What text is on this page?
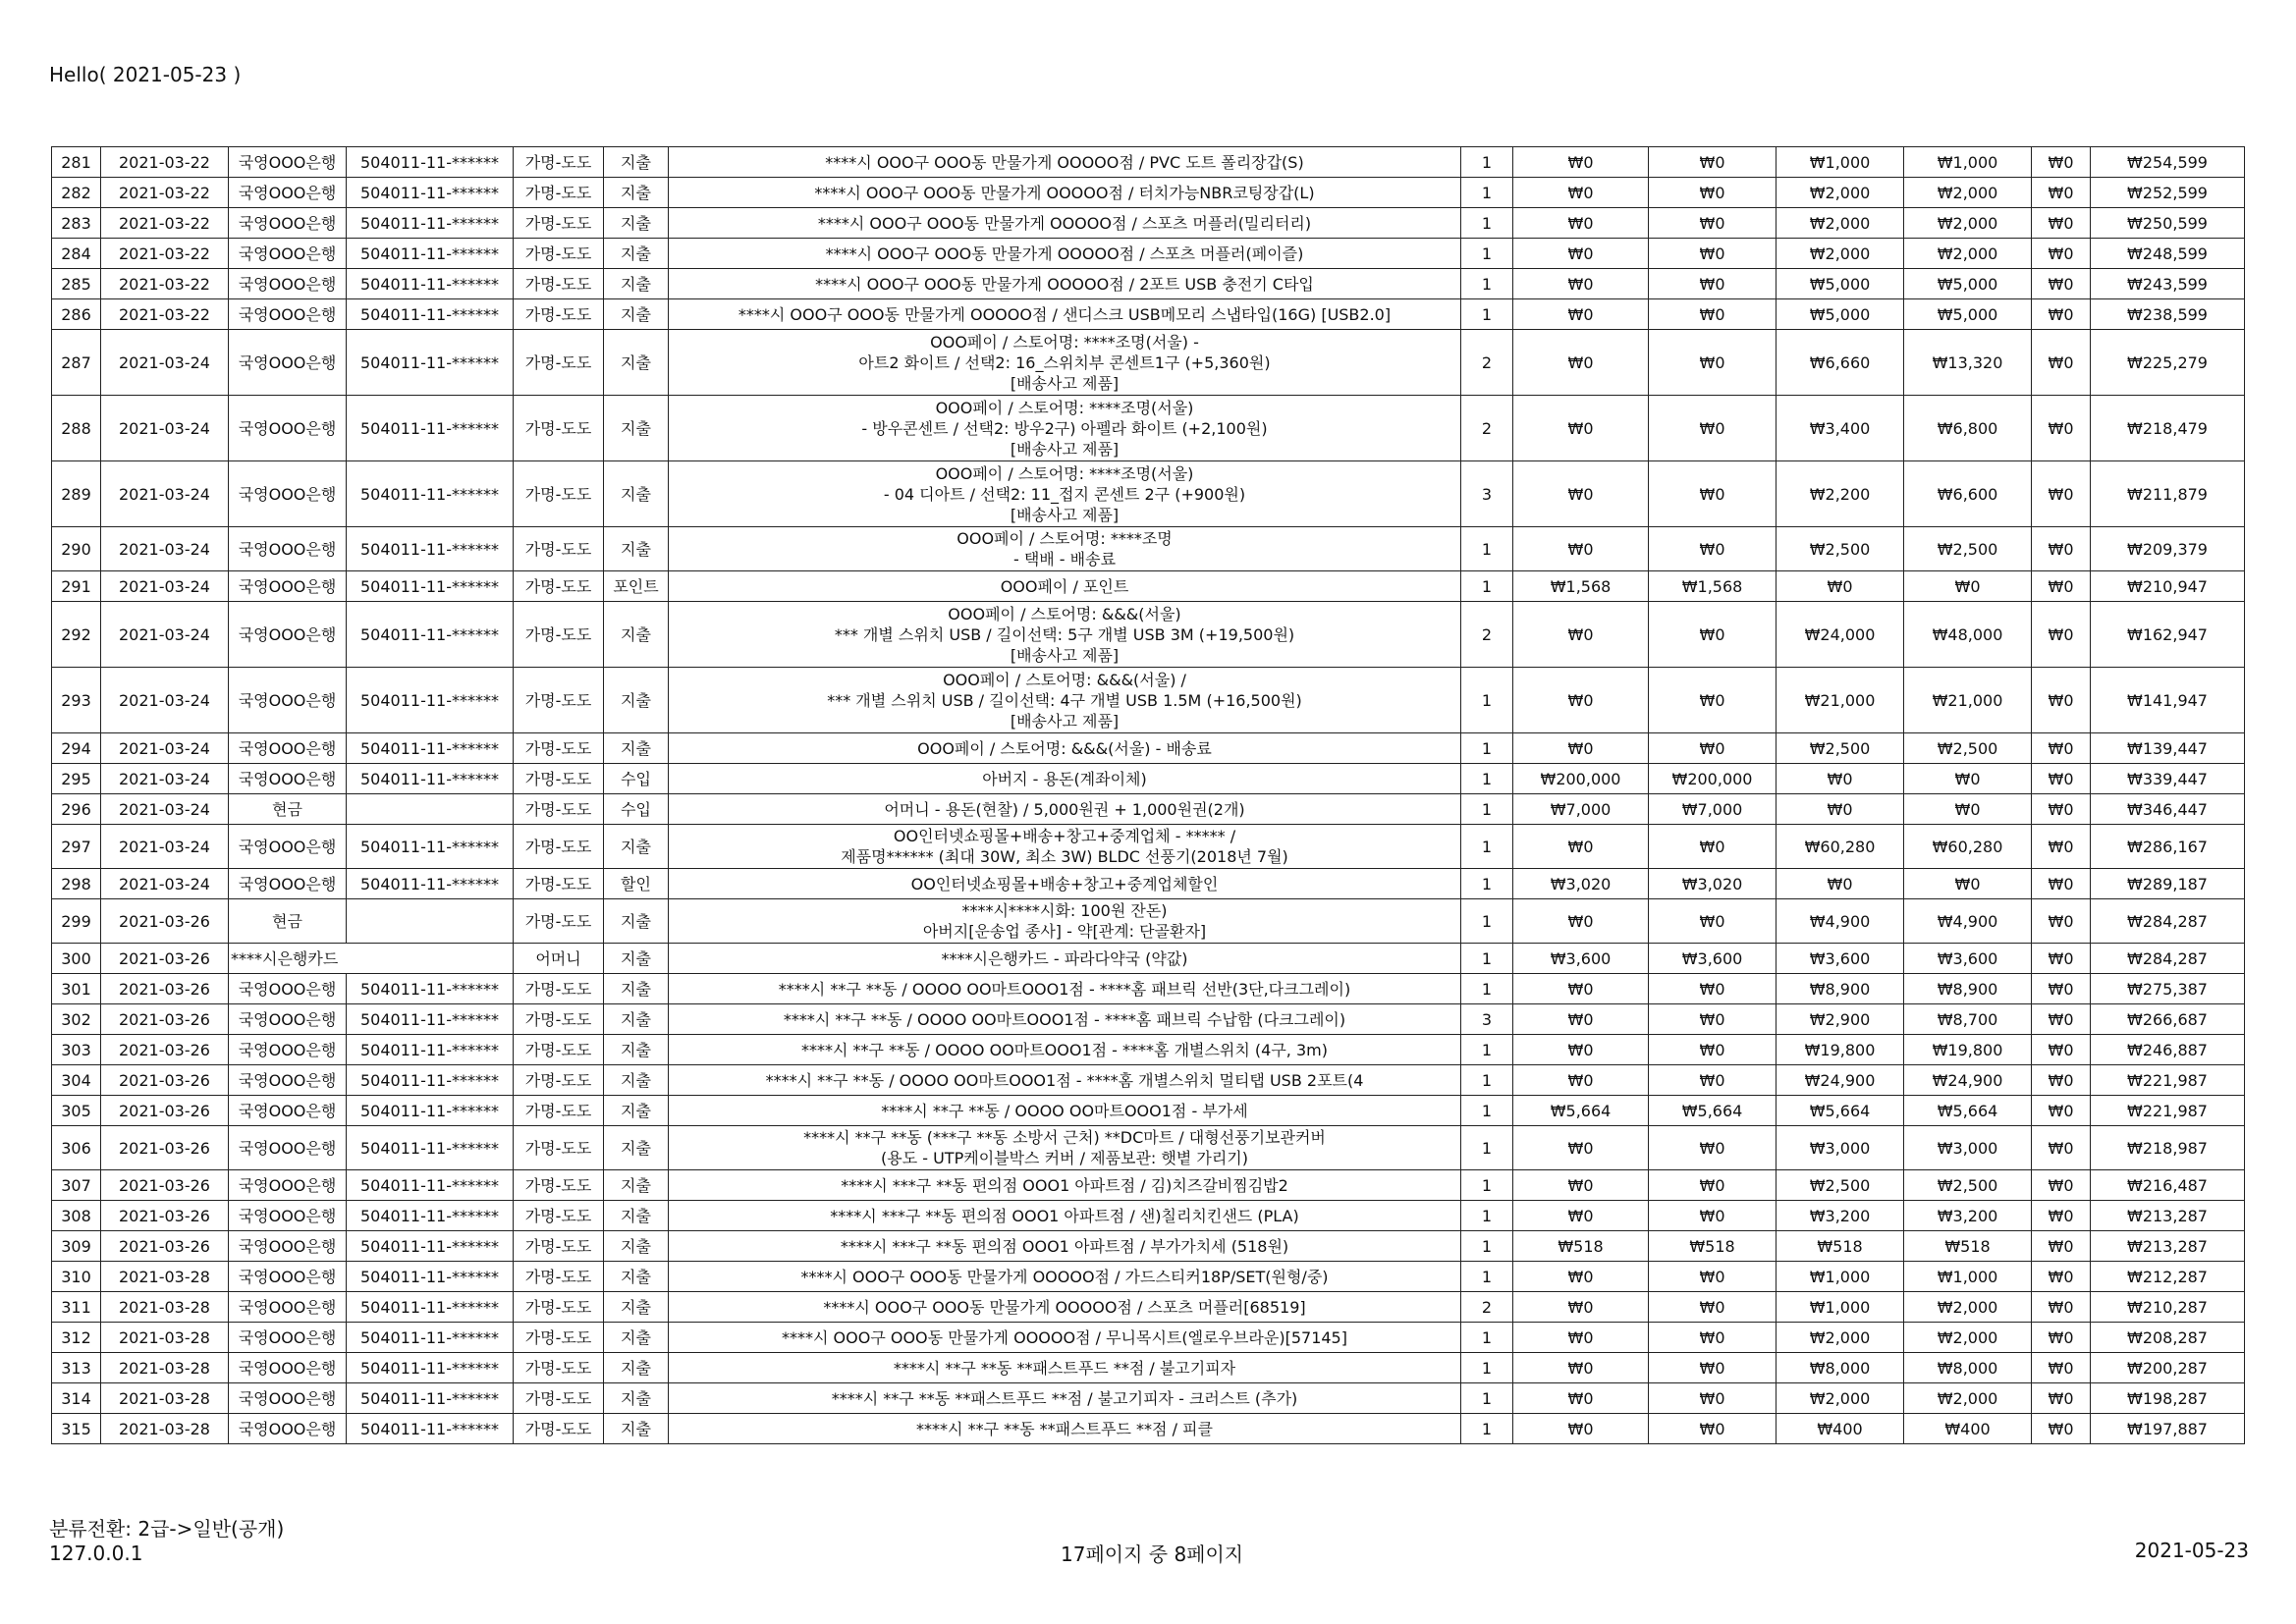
Hello( 2021-05-23 )
281	2021-03-22	국영OOO은행	504011-11-******	가명-도도	지출	****시 OOO구 OOO동 만물가게 OOOOO점 / PVC 도트 폴리장갑(S)	1	₩0	₩0	₩1,000	₩1,000	₩0	₩254,599
282	2021-03-22	국영OOO은행	504011-11-******	가명-도도	지출	****시 OOO구 OOO동 만물가게 OOOOO점 / 터치가능NBR코팅장갑(L)	1	₩0	₩0	₩2,000	₩2,000	₩0	₩252,599
283	2021-03-22	국영OOO은행	504011-11-******	가명-도도	지출	****시 OOO구 OOO동 만물가게 OOOOO점 / 스포츠 머플러(밀리터리)	1	₩0	₩0	₩2,000	₩2,000	₩0	₩250,599
284	2021-03-22	국영OOO은행	504011-11-******	가명-도도	지출	****시 OOO구 OOO동 만물가게 OOOOO점 / 스포츠 머플러(페이즐)	1	₩0	₩0	₩2,000	₩2,000	₩0	₩248,599
285	2021-03-22	국영OOO은행	504011-11-******	가명-도도	지출	****시 OOO구 OOO동 만물가게 OOOOO점 / 2포트 USB 충전기 C타입	1	₩0	₩0	₩5,000	₩5,000	₩0	₩243,599
286	2021-03-22	국영OOO은행	504011-11-******	가명-도도	지출	****시 OOO구 OOO동 만물가게 OOOOO점 / 샌디스크 USB메모리 스냅타입(16G) [USB2.0]	1	₩0	₩0	₩5,000	₩5,000	₩0	₩238,599
287	2021-03-24	국영OOO은행	504011-11-******	가명-도도	지출	OOO페이 / 스토어명: ****조명(서울) -
아트2 화이트 / 선택2: 16_스위치부 콘센트1구 (+5,360원)
[배송사고 제품]	2	₩0	₩0	₩6,660	₩13,320	₩0	₩225,279
288	2021-03-24	국영OOO은행	504011-11-******	가명-도도	지출	OOO페이 / 스토어명: ****조명(서울)
- 방우콘센트 / 선택2: 방우2구) 아펠라 화이트 (+2,100원)
[배송사고 제품]	2	₩0	₩0	₩3,400	₩6,800	₩0	₩218,479
289	2021-03-24	국영OOO은행	504011-11-******	가명-도도	지출	OOO페이 / 스토어명: ****조명(서울)
- 04 디아트 / 선택2: 11_접지 콘센트 2구 (+900원)
[배송사고 제품]	3	₩0	₩0	₩2,200	₩6,600	₩0	₩211,879
290	2021-03-24	국영OOO은행	504011-11-******	가명-도도	지출	OOO페이 / 스토어명: ****조명
- 택배 - 배송료	1	₩0	₩0	₩2,500	₩2,500	₩0	₩209,379
291	2021-03-24	국영OOO은행	504011-11-******	가명-도도	포인트	OOO페이 / 포인트	1	₩1,568	₩1,568	₩0	₩0	₩0	₩210,947
292	2021-03-24	국영OOO은행	504011-11-******	가명-도도	지출	OOO페이 / 스토어명: &&&(서울)
*** 개별 스위치 USB / 길이선택: 5구 개별 USB 3M (+19,500원)
[배송사고 제품]	2	₩0	₩0	₩24,000	₩48,000	₩0	₩162,947
293	2021-03-24	국영OOO은행	504011-11-******	가명-도도	지출	OOO페이 / 스토어명: &&&(서울) /
*** 개별 스위치 USB / 길이선택: 4구 개별 USB 1.5M (+16,500원)
[배송사고 제품]	1	₩0	₩0	₩21,000	₩21,000	₩0	₩141,947
294	2021-03-24	국영OOO은행	504011-11-******	가명-도도	지출	OOO페이 / 스토어명: &&&(서울) - 배송료	1	₩0	₩0	₩2,500	₩2,500	₩0	₩139,447
295	2021-03-24	국영OOO은행	504011-11-******	가명-도도	수입	아버지 - 용돈(계좌이체)	1	₩200,000	₩200,000	₩0	₩0	₩0	₩339,447
296	2021-03-24	현금		가명-도도	수입	어머니 - 용돈(현찰) / 5,000원권 + 1,000원권(2개)	1	₩7,000	₩7,000	₩0	₩0	₩0	₩346,447
297	2021-03-24	국영OOO은행	504011-11-******	가명-도도	지출	OO인터넷쇼핑몰+배송+창고+중계업체 - ***** /
제품명****** (최대 30W, 최소 3W) BLDC 선풍기(2018년 7월)	1	₩0	₩0	₩60,280	₩60,280	₩0	₩286,167
298	2021-03-24	국영OOO은행	504011-11-******	가명-도도	할인	OO인터넷쇼핑몰+배송+창고+중계업체할인	1	₩3,020	₩3,020	₩0	₩0	₩0	₩289,187
299	2021-03-26	현금		가명-도도	지출	****시****시화: 100원 잔돈)
아버지[운송업 종사] - 약[관계: 단골환자]	1	₩0	₩0	₩4,900	₩4,900	₩0	₩284,287
300	2021-03-26	****시은행카드		어머니	지출	****시은행카드 - 파라다약국 (약값)	1	₩3,600	₩3,600	₩3,600	₩3,600	₩0	₩284,287
301	2021-03-26	국영OOO은행	504011-11-******	가명-도도	지출	****시 **구 **동 / OOOO OO마트OOO1점 - ****홈 패브릭 선반(3단,다크그레이)	1	₩0	₩0	₩8,900	₩8,900	₩0	₩275,387
302	2021-03-26	국영OOO은행	504011-11-******	가명-도도	지출	****시 **구 **동 / OOOO OO마트OOO1점 - ****홈 패브릭 수납함 (다크그레이)	3	₩0	₩0	₩2,900	₩8,700	₩0	₩266,687
303	2021-03-26	국영OOO은행	504011-11-******	가명-도도	지출	****시 **구 **동 / OOOO OO마트OOO1점 - ****홈 개별스위치 (4구, 3m)	1	₩0	₩0	₩19,800	₩19,800	₩0	₩246,887
304	2021-03-26	국영OOO은행	504011-11-******	가명-도도	지출	****시 **구 **동 / OOOO OO마트OOO1점 - ****홈 개별스위치 멀티탭 USB 2포트(4	1	₩0	₩0	₩24,900	₩24,900	₩0	₩221,987
305	2021-03-26	국영OOO은행	504011-11-******	가명-도도	지출	****시 **구 **동 / OOOO OO마트OOO1점 - 부가세	1	₩5,664	₩5,664	₩5,664	₩5,664	₩0	₩221,987
306	2021-03-26	국영OOO은행	504011-11-******	가명-도도	지출	****시 **구 **동 (***구 **동 소방서 근처) **DC마트 / 대형선풍기보관커버
(용도 - UTP케이블박스 커버 / 제품보관: 햇볕 가리기)	1	₩0	₩0	₩3,000	₩3,000	₩0	₩218,987
307	2021-03-26	국영OOO은행	504011-11-******	가명-도도	지출	****시 ***구 **동 편의점 OOO1 아파트점 / 김)치즈갈비찜김밥2	1	₩0	₩0	₩2,500	₩2,500	₩0	₩216,487
308	2021-03-26	국영OOO은행	504011-11-******	가명-도도	지출	****시 ***구 **동 편의점 OOO1 아파트점 / 샌)칠리치킨샌드 (PLA)	1	₩0	₩0	₩3,200	₩3,200	₩0	₩213,287
309	2021-03-26	국영OOO은행	504011-11-******	가명-도도	지출	****시 ***구 **동 편의점 OOO1 아파트점 / 부가가치세 (518원)	1	₩518	₩518	₩518	₩518	₩0	₩213,287
310	2021-03-28	국영OOO은행	504011-11-******	가명-도도	지출	****시 OOO구 OOO동 만물가게 OOOOO점 / 가드스티커18P/SET(원형/중)	1	₩0	₩0	₩1,000	₩1,000	₩0	₩212,287
311	2021-03-28	국영OOO은행	504011-11-******	가명-도도	지출	****시 OOO구 OOO동 만물가게 OOOOO점 / 스포츠 머플러[68519]	2	₩0	₩0	₩1,000	₩2,000	₩0	₩210,287
312	2021-03-28	국영OOO은행	504011-11-******	가명-도도	지출	****시 OOO구 OOO동 만물가게 OOOOO점 / 무니목시트(엘로우브라운)[57145]	1	₩0	₩0	₩2,000	₩2,000	₩0	₩208,287
313	2021-03-28	국영OOO은행	504011-11-******	가명-도도	지출	****시 **구 **동 **패스트푸드 **점 / 불고기피자	1	₩0	₩0	₩8,000	₩8,000	₩0	₩200,287
314	2021-03-28	국영OOO은행	504011-11-******	가명-도도	지출	****시 **구 **동 **패스트푸드 **점 / 불고기피자 - 크러스트 (추가)	1	₩0	₩0	₩2,000	₩2,000	₩0	₩198,287
315	2021-03-28	국영OOO은행	504011-11-******	가명-도도	지출	****시 **구 **동 **패스트푸드 **점 / 피클	1	₩0	₩0	₩400	₩400	₩0	₩197,887
분류전환: 2급->일반(공개)
127.0.0.1	17페이지 중 8페이지	2021-05-23
